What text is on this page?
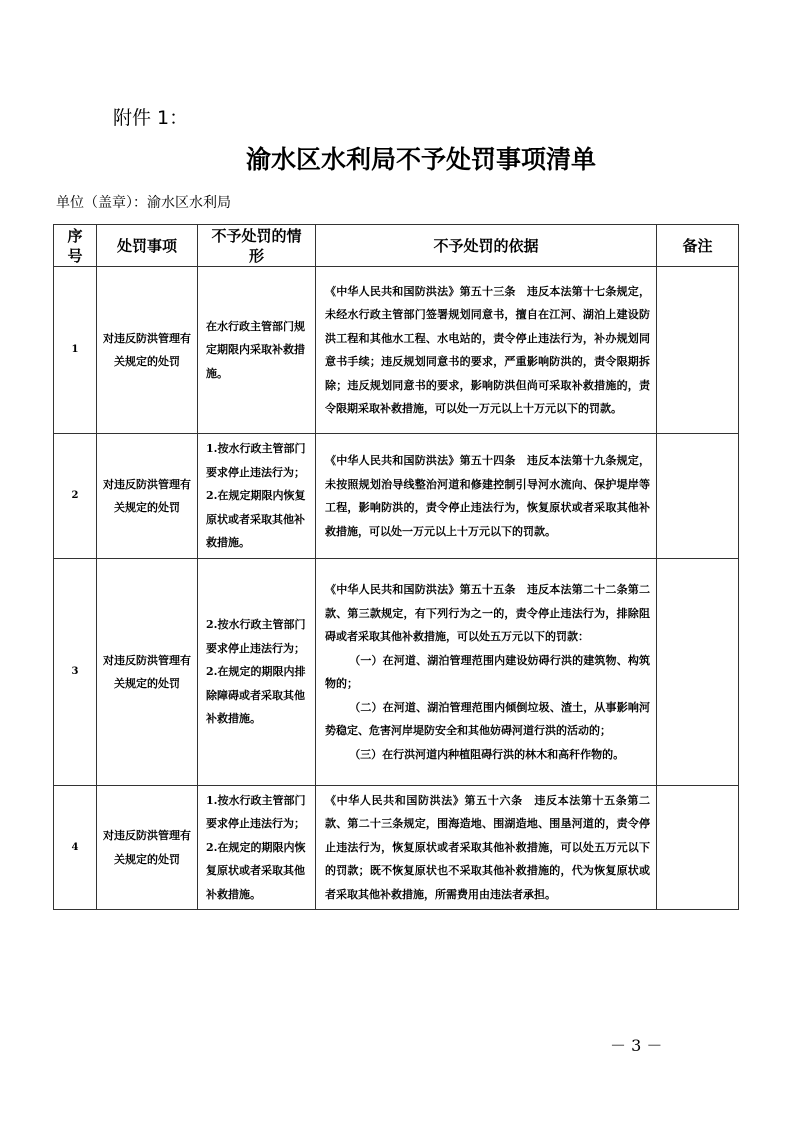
附件 1：
渝水区水利局不予处罚事项清单
单位（盖章）：渝水区水利局
序号	处罚事项	不予处罚的情形	不予处罚的依据	备注
1	对违反防洪管理有关规定的处罚	在水行政主管部门规定期限内采取补救措施。	《中华人民共和国防洪法》第五十三条　违反本法第十七条规定，未经水行政主管部门签署规划同意书，擅自在江河、湖泊上建设防洪工程和其他水工程、水电站的，责令停止违法行为，补办规划同意书手续；违反规划同意书的要求，严重影响防洪的，责令限期拆除；违反规划同意书的要求，影响防洪但尚可采取补救措施的，责令限期采取补救措施，可以处一万元以上十万元以下的罚款。	

2	对违反防洪管理有关规定的处罚	1.按水行政主管部门要求停止违法行为；2.在规定期限内恢复原状或者采取其他补救措施。	《中华人民共和国防洪法》第五十四条　违反本法第十九条规定，未按照规划治导线整治河道和修建控制引导河水流向、保护堤岸等工程，影响防洪的，责令停止违法行为，恢复原状或者采取其他补救措施，可以处一万元以上十万元以下的罚款。	

3	对违反防洪管理有关规定的处罚	2.按水行政主管部门要求停止违法行为；2.在规定的期限内排除障碍或者采取其他补救措施。	《中华人民共和国防洪法》第五十五条　违反本法第二十二条第二款、第三款规定，有下列行为之一的，责令停止违法行为，排除阻碍或者采取其他补救措施，可以处五万元以下的罚款：

（一）在河道、湖泊管理范围内建设妨碍行洪的建筑物、构筑物的；

（二）在河道、湖泊管理范围内倾倒垃圾、渣土，从事影响河势稳定、危害河岸堤防安全和其他妨碍河道行洪的活动的；

（三）在行洪河道内种植阻碍行洪的林木和高秆作物的。	

4	对违反防洪管理有关规定的处罚	1.按水行政主管部门要求停止违法行为；2.在规定的期限内恢复原状或者采取其他补救措施。	《中华人民共和国防洪法》第五十六条　违反本法第十五条第二款、第二十三条规定，围海造地、围湖造地、围垦河道的，责令停止违法行为，恢复原状或者采取其他补救措施，可以处五万元以下的罚款；既不恢复原状也不采取其他补救措施的，代为恢复原状或者采取其他补救措施，所需费用由违法者承担。	

－ 3 －
